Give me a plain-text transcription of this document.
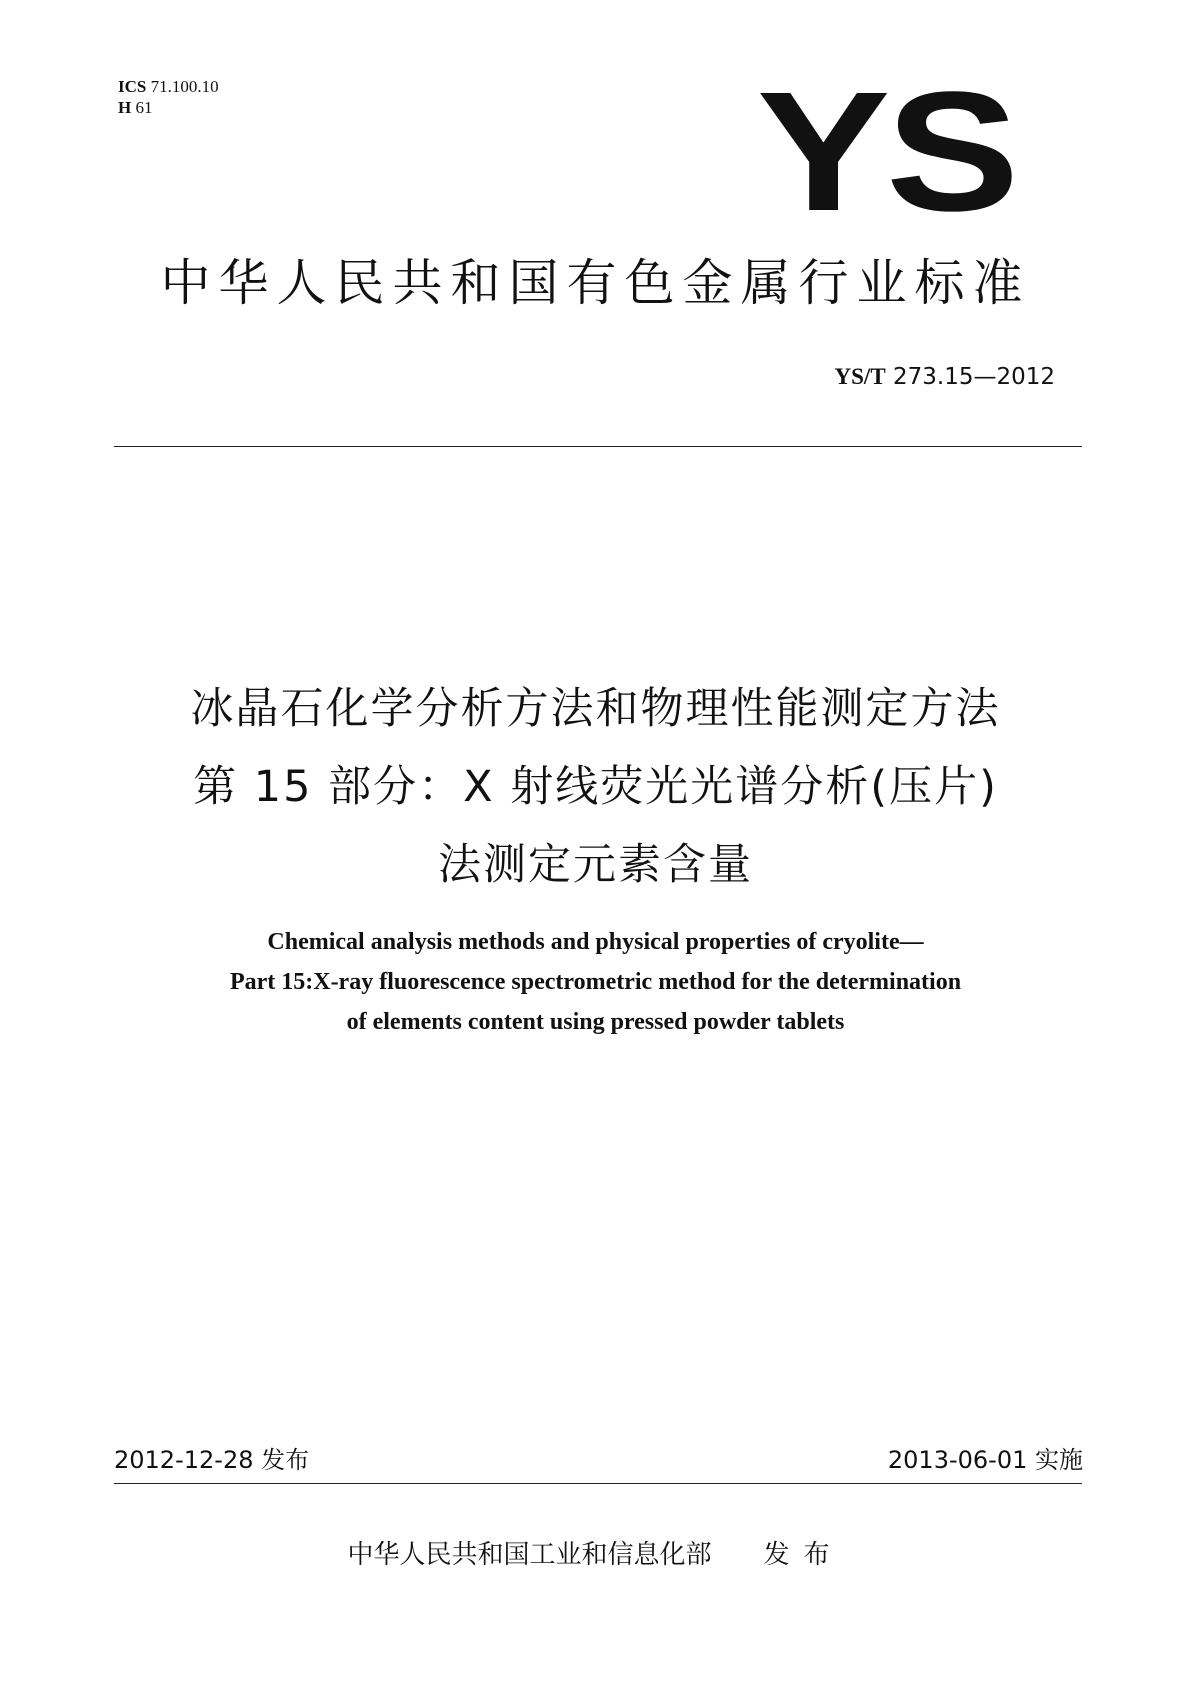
ICS 71.100.10
H 61	YS
中华人民共和国有色金属行业标准
YS/T 273.15—2012
冰晶石化学分析方法和物理性能测定方法
第 15 部分：X 射线荧光光谱分析(压片)
法测定元素含量
Chemical analysis methods and physical properties of cryolite—
Part 15:X-ray fluorescence spectrometric method for the determination
of elements content using pressed powder tablets
2012-12-28 发布	2013-06-01 实施
中华人民共和国工业和信息化部 发布
